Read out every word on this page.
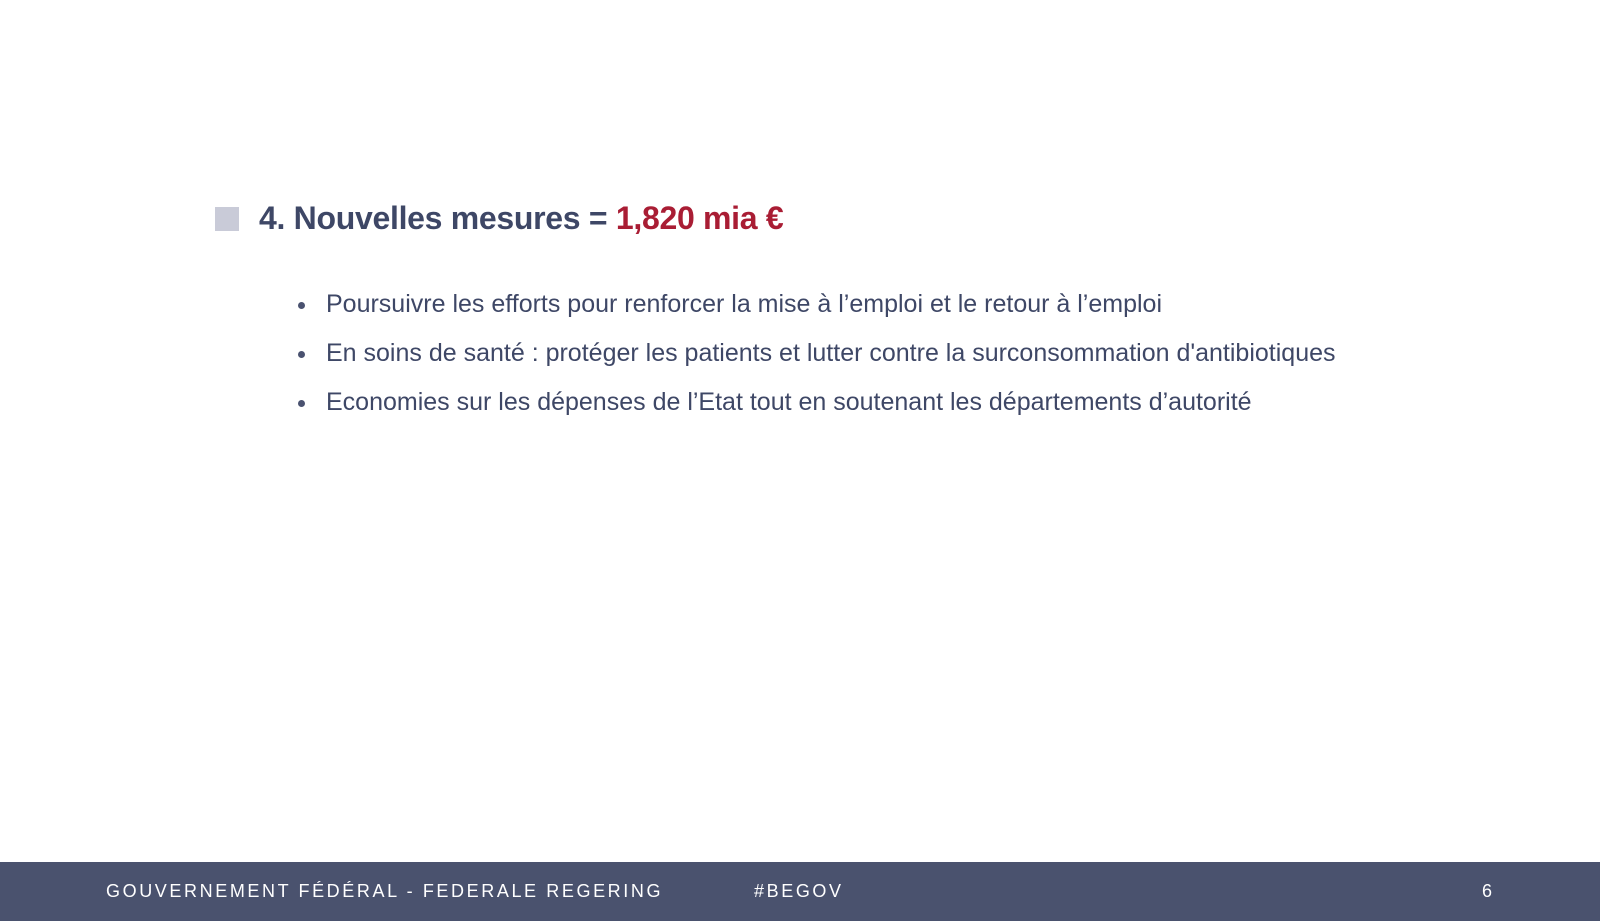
4. Nouvelles mesures = 1,820 mia €
Poursuivre les efforts pour renforcer la mise à l’emploi et le retour à l’emploi
En soins de santé : protéger les patients et lutter contre la surconsommation d'antibiotiques
Economies sur les dépenses de l’Etat tout en soutenant les départements d’autorité
GOUVERNEMENT FÉDÉRAL - FEDERALE REGERING	#BEGOV	6
